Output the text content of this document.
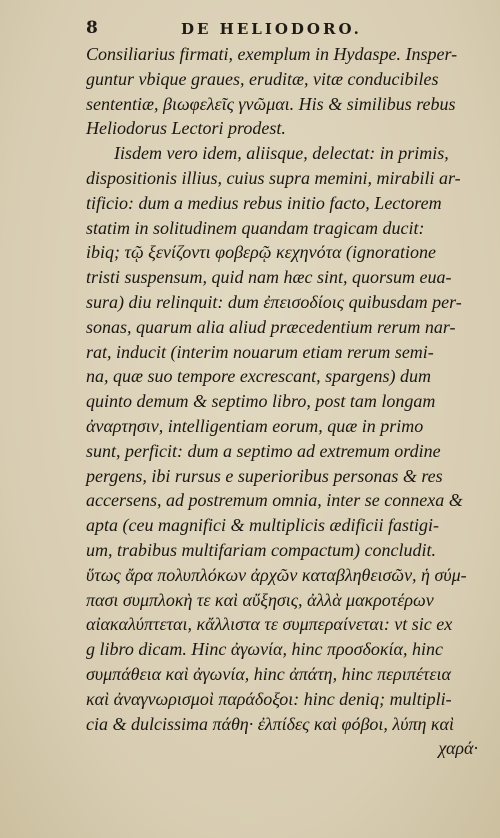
8	DE HELIODORO.
Consiliarius firmati, exemplum in Hydaspe. Insper-
guntur vbique graues, eruditæ, vitæ conducibiles
sententiæ, βιωφελεῖς γνῶμαι. His & similibus rebus
Heliodorus Lectori prodest.
Iisdem vero idem, aliisque, delectat: in primis,
dispositionis illius, cuius supra memini, mirabili ar-
tificio: dum a medius rebus initio facto, Lectorem
statim in solitudinem quandam tragicam ducit:
ibiq; τῷ ξενίζοντι φοβερῷ κεχηνότα (ignoratione
tristi suspensum, quid nam hæc sint, quorsum eua-
sura) diu relinquit: dum ἐπεισοδίοις quibusdam per-
sonas, quarum alia aliud præcedentium rerum nar-
rat, inducit (interim nouarum etiam rerum semi-
na, quæ suo tempore excrescant, spargens) dum
quinto demum & septimo libro, post tam longam
ἀναρτησιν, intelligentiam eorum, quæ in primo
sunt, perficit: dum a septimo ad extremum ordine
pergens, ibi rursus e superioribus personas & res
accersens, ad postremum omnia, inter se connexa &
apta (ceu magnifici & multiplicis ædificii fastigi-
um, trabibus multifariam compactum) concludit.
ὕτως ἄρα πολυπλόκων ἀρχῶν καταβληθεισῶν, ἡ σύμ-
πασι συμπλοκὴ τε καὶ αὔξησις, ἀλλὰ μακροτέρων
αἰακαλύπτεται, κἄλλιστα τε συμπεραίνεται: vt sic ex
g libro dicam. Hinc ἀγωνία, hinc προσδοκία, hinc
συμπάθεια καὶ ἀγωνία, hinc ἀπάτη, hinc περιπέτεια
καὶ ἀναγνωρισμοὶ παράδοξοι: hinc deniq; multipli-
cia & dulcissima πάθη· ἐλπίδες καὶ φόβοι, λύπη καὶ
χαρά·
